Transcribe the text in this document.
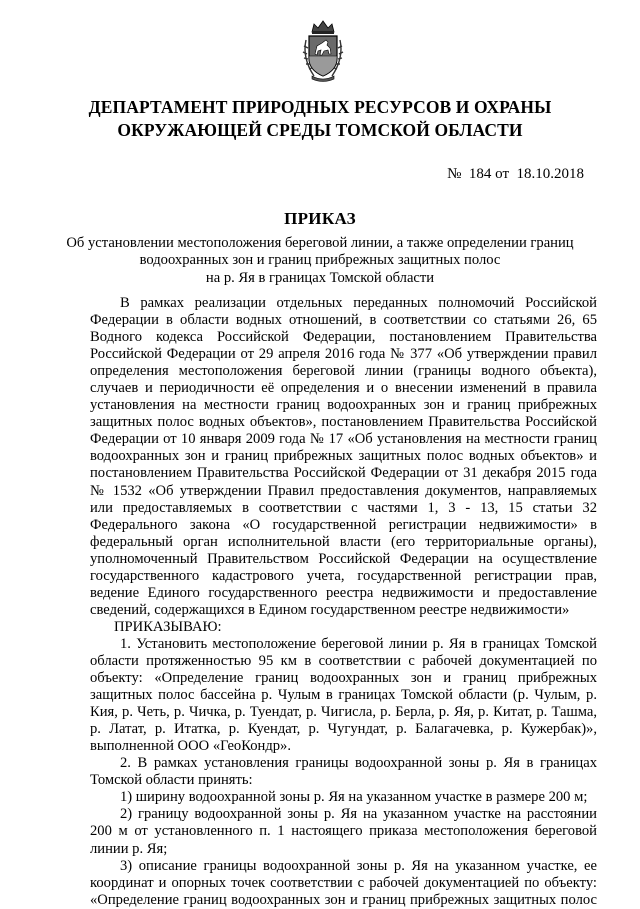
ДЕПАРТАМЕНТ ПРИРОДНЫХ РЕСУРСОВ И ОХРАНЫ
ОКРУЖАЮЩЕЙ СРЕДЫ ТОМСКОЙ ОБЛАСТИ
№  184 от  18.10.2018
ПРИКАЗ
Об установлении местоположения береговой линии, а также определении границ
водоохранных зон и границ прибрежных защитных полос
на р. Яя в границах Томской области

В рамках реализации отдельных переданных полномочий Российской Федерации в области водных отношений, в соответствии со статьями 26, 65 Водного кодекса Российской Федерации, постановлением Правительства Российской Федерации от 29 апреля 2016 года № 377 «Об утверждении правил определения местоположения береговой линии (границы водного объекта), случаев и периодичности её определения и о внесении изменений в правила установления на местности границ водоохранных зон и границ прибрежных защитных полос водных объектов», постановлением Правительства Российской Федерации от 10 января 2009 года № 17 «Об установления на местности границ водоохранных зон и границ прибрежных защитных полос водных объектов» и постановлением Правительства Российской Федерации от 31 декабря 2015 года № 1532 «Об утверждении Правил предоставления документов, направляемых или предоставляемых в соответствии с частями 1, 3 - 13, 15 статьи 32 Федерального закона «О государственной регистрации недвижимости» в федеральный орган исполнительной власти (его территориальные органы), уполномоченный Правительством Российской Федерации на осуществление государственного кадастрового учета, государственной регистрации прав, ведение Единого государственного реестра недвижимости и предоставление сведений, содержащихся в Едином государственном реестре недвижимости»

ПРИКАЗЫВАЮ:

1. Установить местоположение береговой линии р. Яя в границах Томской области протяженностью 95 км в соответствии с рабочей документацией по объекту: «Определение границ водоохранных зон и границ прибрежных защитных полос бассейна р. Чулым в границах Томской области (р. Чулым, р. Кия, р. Четь, р. Чичка, р. Туендат, р. Чигисла, р. Берла, р. Яя, р. Китат, р. Ташма, р. Латат, р. Итатка, р. Куендат, р. Чугундат, р. Балагачевка, р. Кужербак)», выполненной ООО «ГеоКондр».

2. В рамках установления границы водоохранной зоны р. Яя в границах Томской области принять:

1) ширину водоохранной зоны р. Яя на указанном участке в размере 200 м;

2) границу водоохранной зоны р. Яя на указанном участке на расстоянии 200 м от установленного п. 1 настоящего приказа местоположения береговой линии р. Яя;

3) описание границы водоохранной зоны р. Яя на указанном участке, ее координат и опорных точек соответствии с рабочей документацией по объекту: «Определение границ водоохранных зон и границ прибрежных защитных полос
